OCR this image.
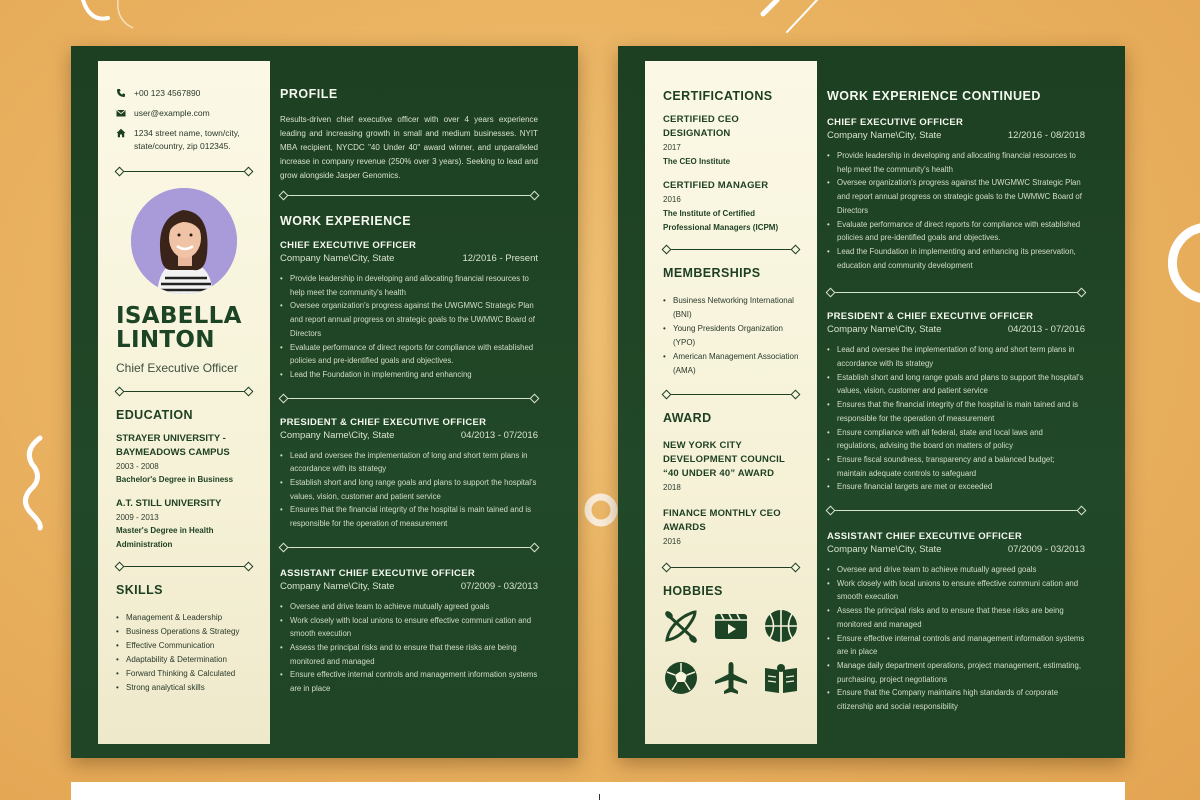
+00 123 4567890
user@example.com
1234 street name, town/city, state/country, zip 012345.
ISABELLA
LINTON
Chief Executive Officer
EDUCATION
STRAYER UNIVERSITY - BAYMEADOWS CAMPUS
2003 - 2008
Bachelor's Degree in Business
A.T. STILL UNIVERSITY
2009 - 2013
Master's Degree in Health Administration
SKILLS
• Management & Leadership
• Business Operations & Strategy
• Effective Communication
• Adaptability & Determination
• Forward Thinking & Calculated
• Strong analytical skills
PROFILE
Results-driven chief executive officer with over 4 years experience leading and increasing growth in small and medium businesses. NYIT MBA recipient, NYCDC "40 Under 40" award winner, and unparalleled increase in company revenue (250% over 3 years). Seeking to lead and grow alongside Jasper Genomics.
WORK EXPERIENCE
CHIEF EXECUTIVE OFFICER
Company Name\City, State	12/2016 - Present
• Provide leadership in developing and allocating financial resources to help meet the community's health
• Oversee organization's progress against the UWGMWC Strategic Plan and report annual progress on strategic goals to the UWMWC Board of Directors
• Evaluate performance of direct reports for compliance with established policies and pre-identified goals and objectives.
• Lead the Foundation in implementing and enhancing
PRESIDENT & CHIEF EXECUTIVE OFFICER
Company Name\City, State	04/2013 - 07/2016
• Lead and oversee the implementation of long and short term plans in accordance with its strategy
• Establish short and long range goals and plans to support the hospital's values, vision, customer and patient service
• Ensures that the financial integrity of the hospital is main tained and is responsible for the operation of measurement
ASSISTANT CHIEF EXECUTIVE OFFICER
Company Name\City, State	07/2009 - 03/2013
• Oversee and drive team to achieve mutually agreed goals
• Work closely with local unions to ensure effective communi cation and smooth execution
• Assess the principal risks and to ensure that these risks are being monitored and managed
• Ensure effective internal controls and management information systems are in place
CERTIFICATIONS
CERTIFIED CEO DESIGNATION
2017
The CEO Institute
CERTIFIED MANAGER
2016
The Institute of Certified Professional Managers (ICPM)
MEMBERSHIPS
• Business Networking International (BNI)
• Young Presidents Organization (YPO)
• American Management Association (AMA)
AWARD
NEW YORK CITY DEVELOPMENT COUNCIL “40 UNDER 40” AWARD
2018
FINANCE MONTHLY CEO AWARDS
2016
HOBBIES
WORK EXPERIENCE CONTINUED
CHIEF EXECUTIVE OFFICER
Company Name\City, State	12/2016 - 08/2018
• Provide leadership in developing and allocating financial resources to help meet the community's health
• Oversee organization's progress against the UWGMWC Strategic Plan and report annual progress on strategic goals to the UWMWC Board of Directors
• Evaluate performance of direct reports for compliance with established policies and pre-identified goals and objectives.
• Lead the Foundation in implementing and enhancing its preservation, education and community development
PRESIDENT & CHIEF EXECUTIVE OFFICER
Company Name\City, State	04/2013 - 07/2016
• Lead and oversee the implementation of long and short term plans in accordance with its strategy
• Establish short and long range goals and plans to support the hospital's values, vision, customer and patient service
• Ensures that the financial integrity of the hospital is main tained and is responsible for the operation of measurement
• Ensure compliance with all federal, state and local laws and regulations, advising the board on matters of policy
• Ensure fiscal soundness, transparency and a balanced budget; maintain adequate controls to safeguard
• Ensure financial targets are met or exceeded
ASSISTANT CHIEF EXECUTIVE OFFICER
Company Name\City, State	07/2009 - 03/2013
• Oversee and drive team to achieve mutually agreed goals
• Work closely with local unions to ensure effective communi cation and smooth execution
• Assess the principal risks and to ensure that these risks are being monitored and managed
• Ensure effective internal controls and management information systems are in place
• Manage daily department operations, project management, estimating, purchasing, project negotiations
• Ensure that the Company maintains high standards of corporate citizenship and social responsibility
